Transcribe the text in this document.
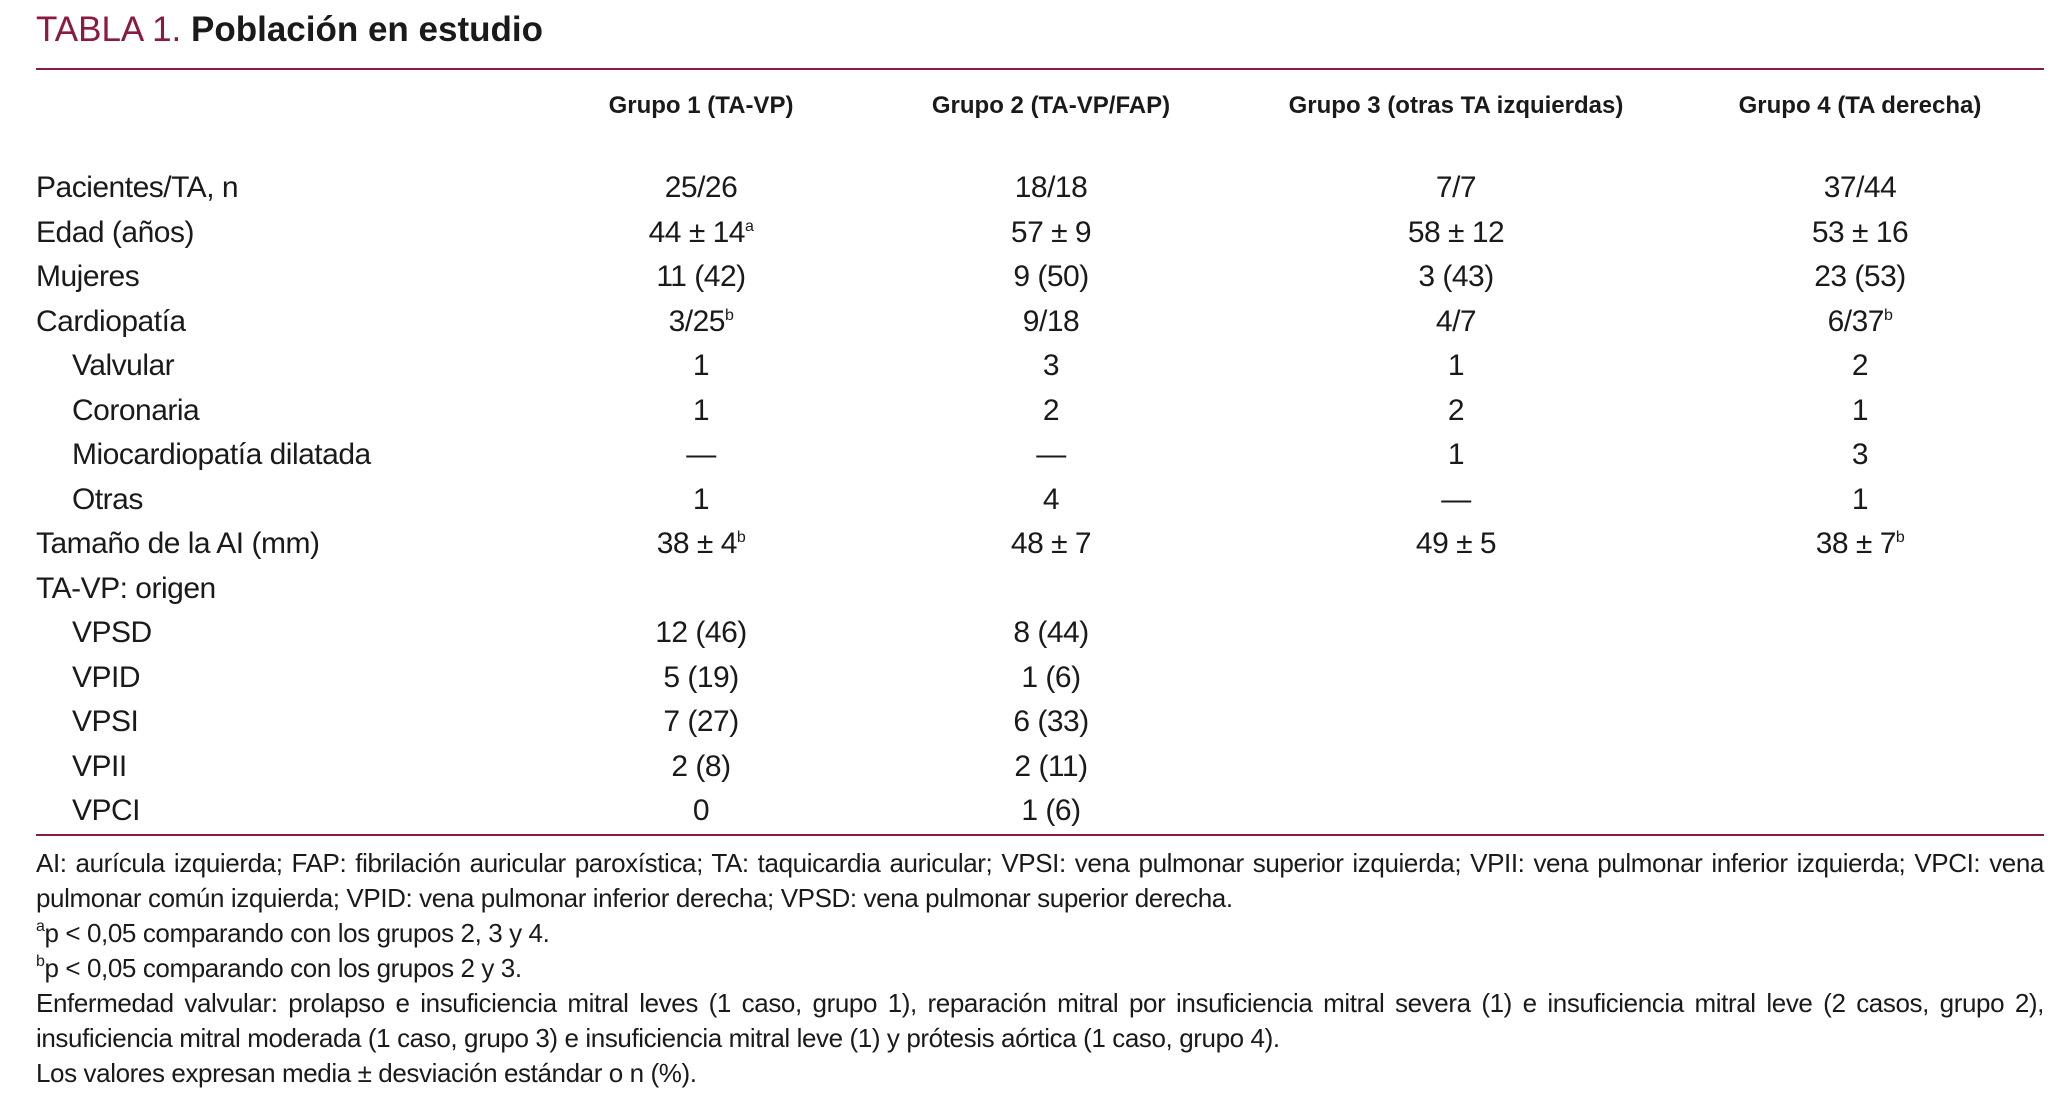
TABLA 1. Población en estudio
	Grupo 1 (TA-VP)	Grupo 2 (TA-VP/FAP)	Grupo 3 (otras TA izquierdas)	Grupo 4 (TA derecha)

Pacientes/TA, n	25/26	18/18	7/7	37/44
Edad (años)	$44 \pm 14^a$	57 ± 9	58 ± 12	53 ± 16
Mujeres	11 (42)	9 (50)	3 (43)	23 (53)
Cardiopatía	3/25$^b$	9/18	4/7	6/37$^b$
Valvular	1	3	1	2
Coronaria	1	2	2	1
Miocardiopatía dilatada	—	—	1	3
Otras	1	4	—	1
Tamaño de la AI (mm)	$38 \pm 4^b$	48 ± 7	49 ± 5	$38 \pm 7^b$
TA-VP: origen				
VPSD	12 (46)	8 (44)		
VPID	5 (19)	1 (6)		
VPSI	7 (27)	6 (33)		
VPII	2 (8)	2 (11)		
VPCI	0	1 (6)		

AI: aurícula izquierda; FAP: fibrilación auricular paroxística; TA: taquicardia auricular; VPSI: vena pulmonar superior izquierda; VPII: vena pulmonar inferior izquierda; VPCI: vena pulmonar común izquierda; VPID: vena pulmonar inferior derecha; VPSD: vena pulmonar superior derecha.

$^a$p < 0,05 comparando con los grupos 2, 3 y 4.

$^b$p < 0,05 comparando con los grupos 2 y 3.

Enfermedad valvular: prolapso e insuficiencia mitral leves (1 caso, grupo 1), reparación mitral por insuficiencia mitral severa (1) e insuficiencia mitral leve (2 casos, grupo 2), insuficiencia mitral moderada (1 caso, grupo 3) e insuficiencia mitral leve (1) y prótesis aórtica (1 caso, grupo 4).

Los valores expresan media ± desviación estándar o n (%).
